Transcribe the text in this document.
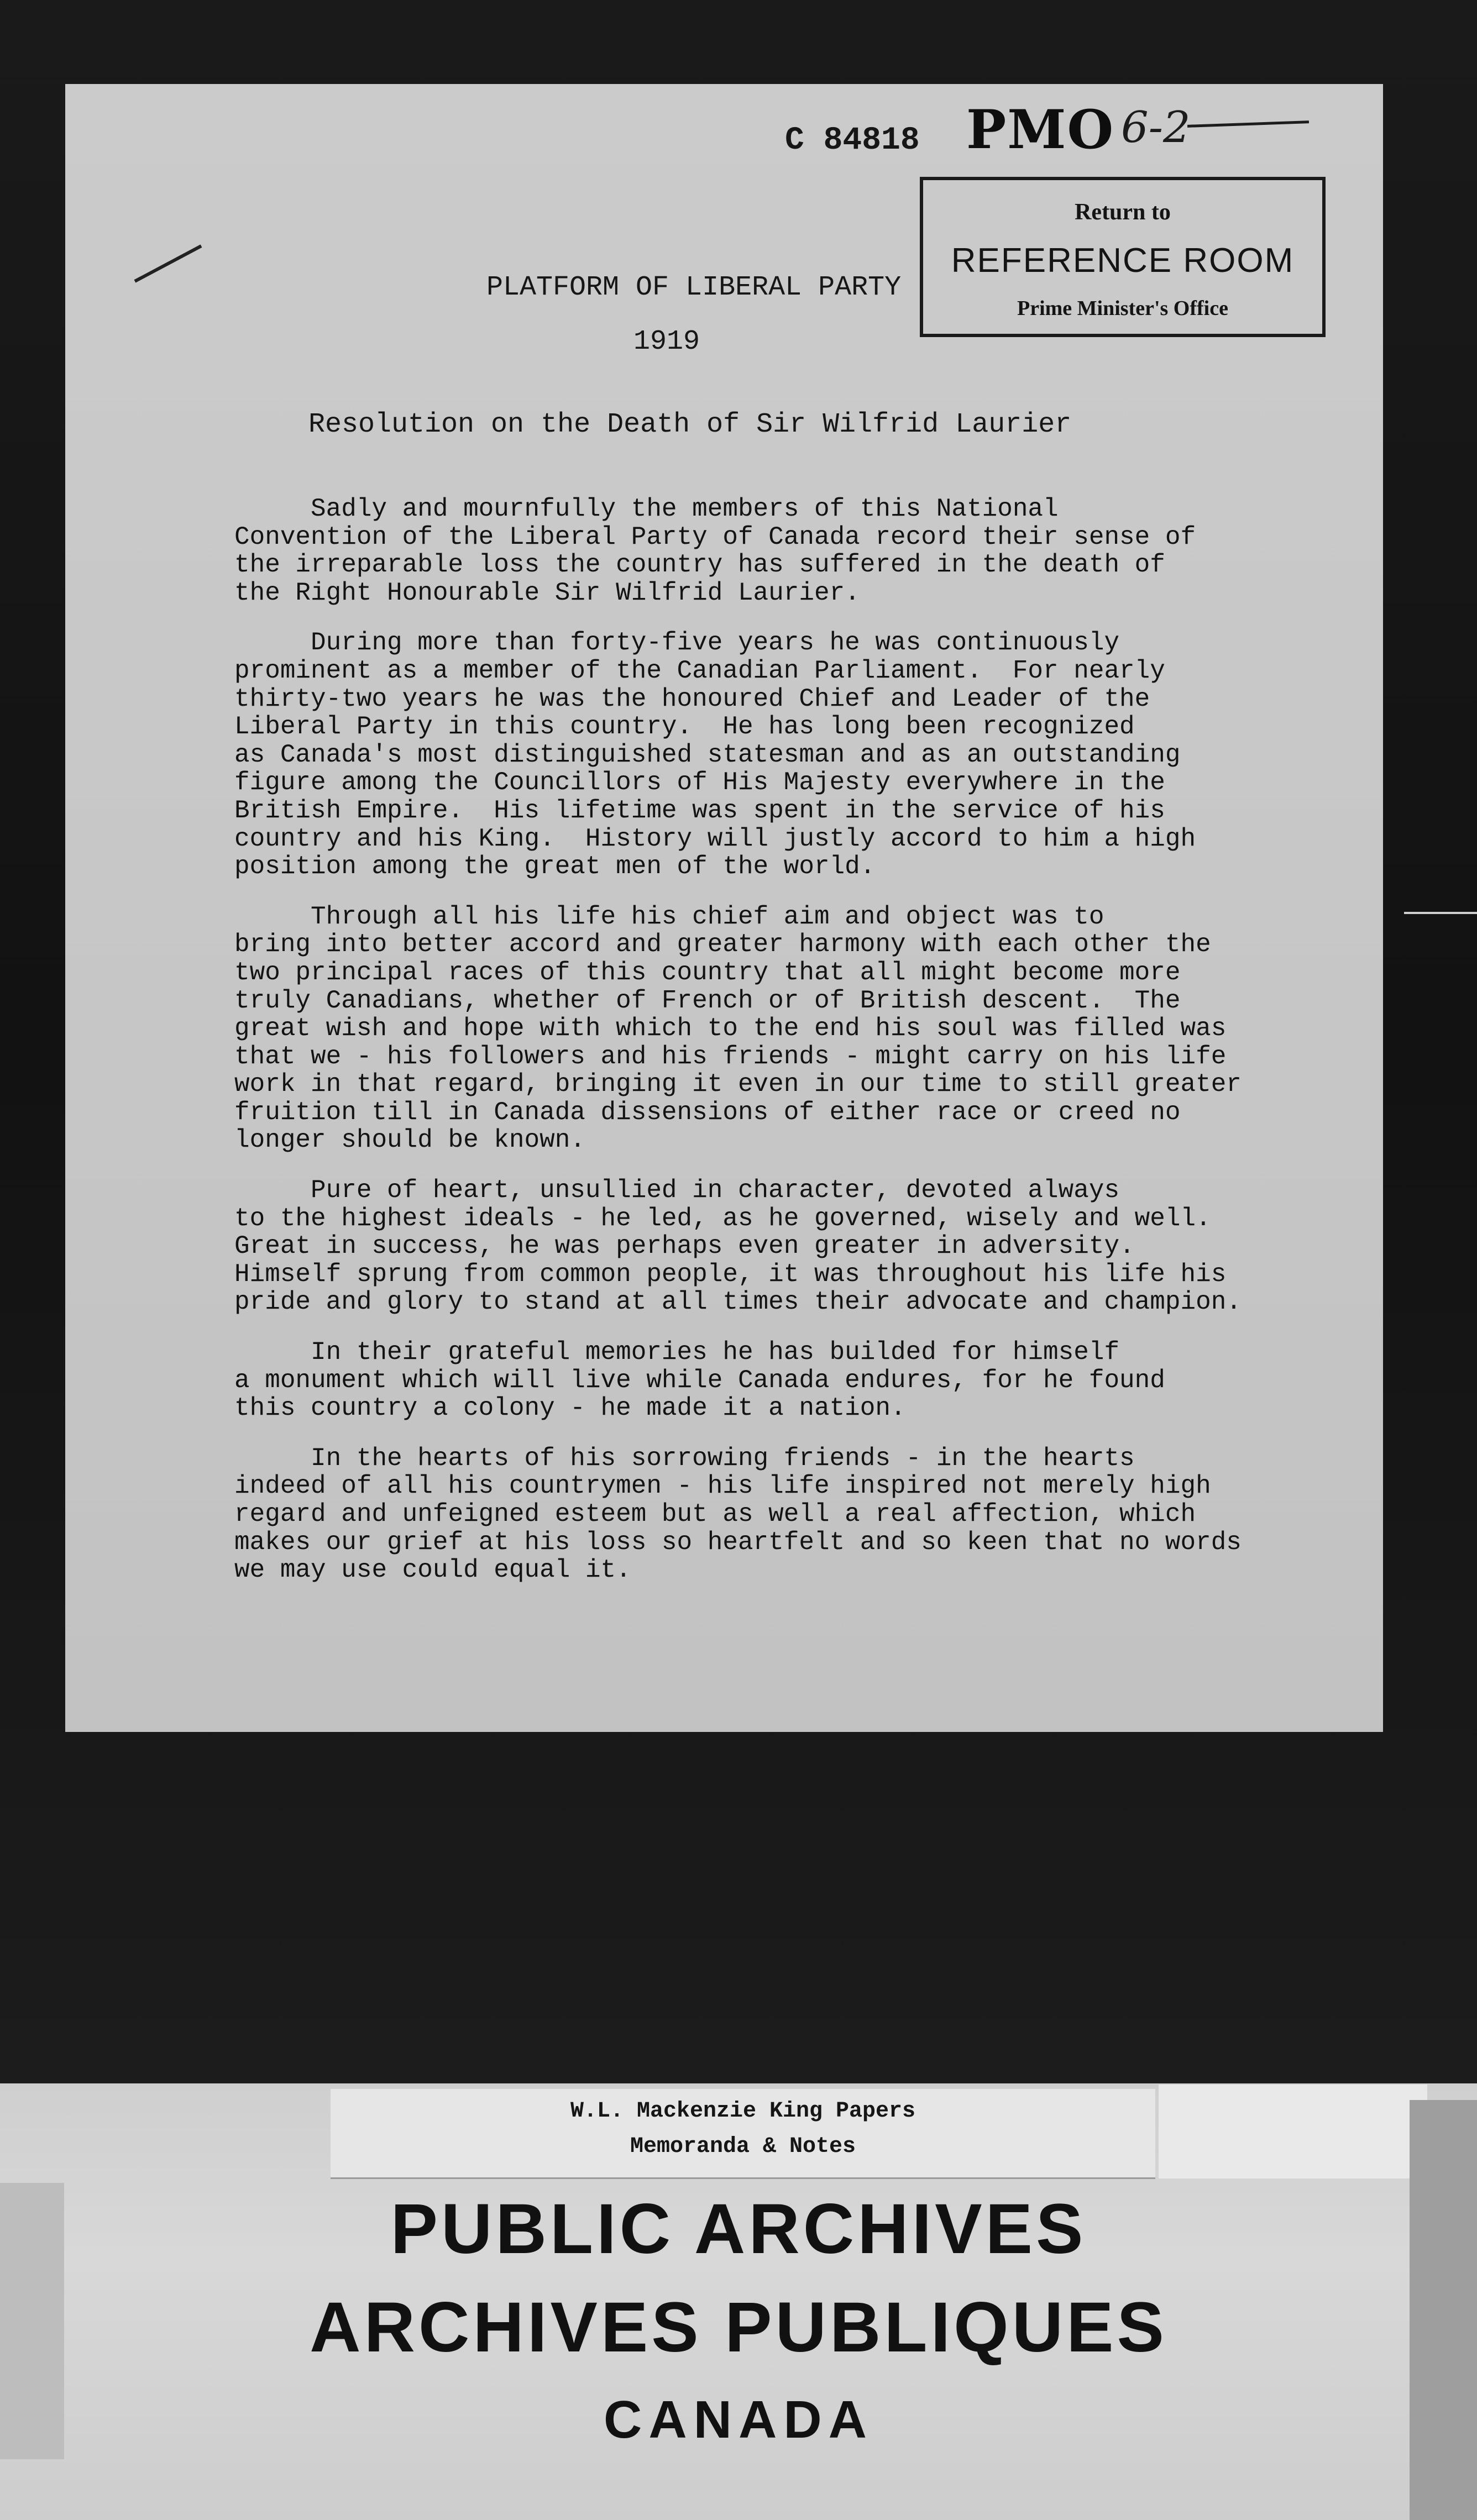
C 84818 PMO 6-2
Return to
REFERENCE ROOM
Prime Minister's Office
PLATFORM OF LIBERAL PARTY
1919
Resolution on the Death of Sir Wilfrid Laurier
Sadly and mournfully the members of this National
Convention of the Liberal Party of Canada record their sense of
the irreparable loss the country has suffered in the death of
the Right Honourable Sir Wilfrid Laurier.
During more than forty-five years he was continuously
prominent as a member of the Canadian Parliament.  For nearly
thirty-two years he was the honoured Chief and Leader of the
Liberal Party in this country.  He has long been recognized
as Canada's most distinguished statesman and as an outstanding
figure among the Councillors of His Majesty everywhere in the
British Empire.  His lifetime was spent in the service of his
country and his King.  History will justly accord to him a high
position among the great men of the world.
Through all his life his chief aim and object was to
bring into better accord and greater harmony with each other the
two principal races of this country that all might become more
truly Canadians, whether of French or of British descent.  The
great wish and hope with which to the end his soul was filled was
that we - his followers and his friends - might carry on his life
work in that regard, bringing it even in our time to still greater
fruition till in Canada dissensions of either race or creed no
longer should be known.
Pure of heart, unsullied in character, devoted always
to the highest ideals - he led, as he governed, wisely and well.
Great in success, he was perhaps even greater in adversity.
Himself sprung from common people, it was throughout his life his
pride and glory to stand at all times their advocate and champion.
In their grateful memories he has builded for himself
a monument which will live while Canada endures, for he found
this country a colony - he made it a nation.
In the hearts of his sorrowing friends - in the hearts
indeed of all his countrymen - his life inspired not merely high
regard and unfeigned esteem but as well a real affection, which
makes our grief at his loss so heartfelt and so keen that no words
we may use could equal it.
W.L. Mackenzie King Papers
Memoranda & Notes
PUBLIC ARCHIVES
ARCHIVES PUBLIQUES
CANADA
